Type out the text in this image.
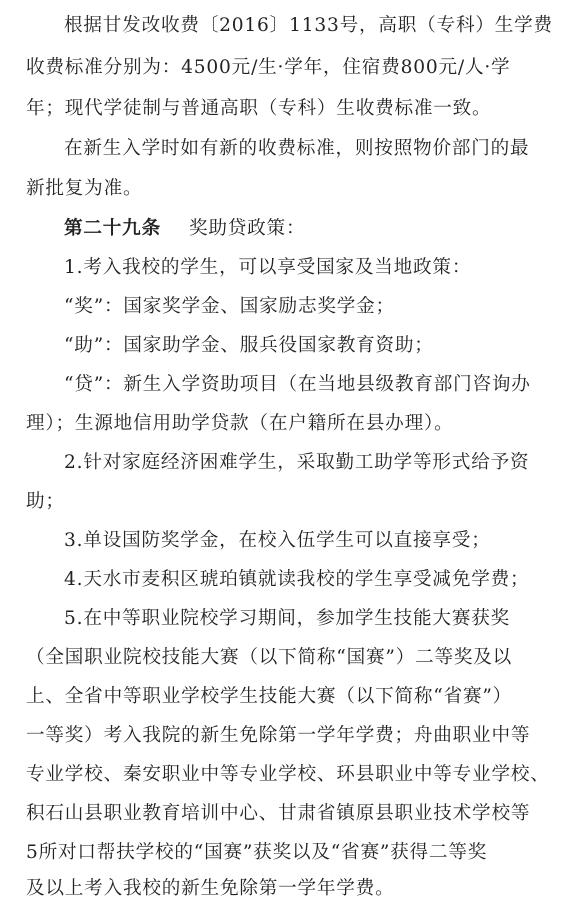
根据甘发改收费〔2016〕1133号，高职（专科）生学费
收费标准分别为：4500元/生·学年，住宿费800元/人·学
年；现代学徒制与普通高职（专科）生收费标准一致。
在新生入学时如有新的收费标准，则按照物价部门的最
新批复为准。
第二十九条 奖助贷政策：
1.考入我校的学生，可以享受国家及当地政策：
“奖”：国家奖学金、国家励志奖学金；
“助”：国家助学金、服兵役国家教育资助；
“贷”：新生入学资助项目（在当地县级教育部门咨询办
理）；生源地信用助学贷款（在户籍所在县办理）。
2.针对家庭经济困难学生，采取勤工助学等形式给予资
助；
3.单设国防奖学金，在校入伍学生可以直接享受；
4.天水市麦积区琥珀镇就读我校的学生享受减免学费；
5.在中等职业院校学习期间，参加学生技能大赛获奖
（全国职业院校技能大赛（以下简称“国赛”）二等奖及以
上、全省中等职业学校学生技能大赛（以下简称“省赛”）
一等奖）考入我院的新生免除第一学年学费；舟曲职业中等
专业学校、秦安职业中等专业学校、环县职业中等专业学校、
积石山县职业教育培训中心、甘肃省镇原县职业技术学校等
5所对口帮扶学校的“国赛”获奖以及“省赛”获得二等奖
及以上考入我校的新生免除第一学年学费。
